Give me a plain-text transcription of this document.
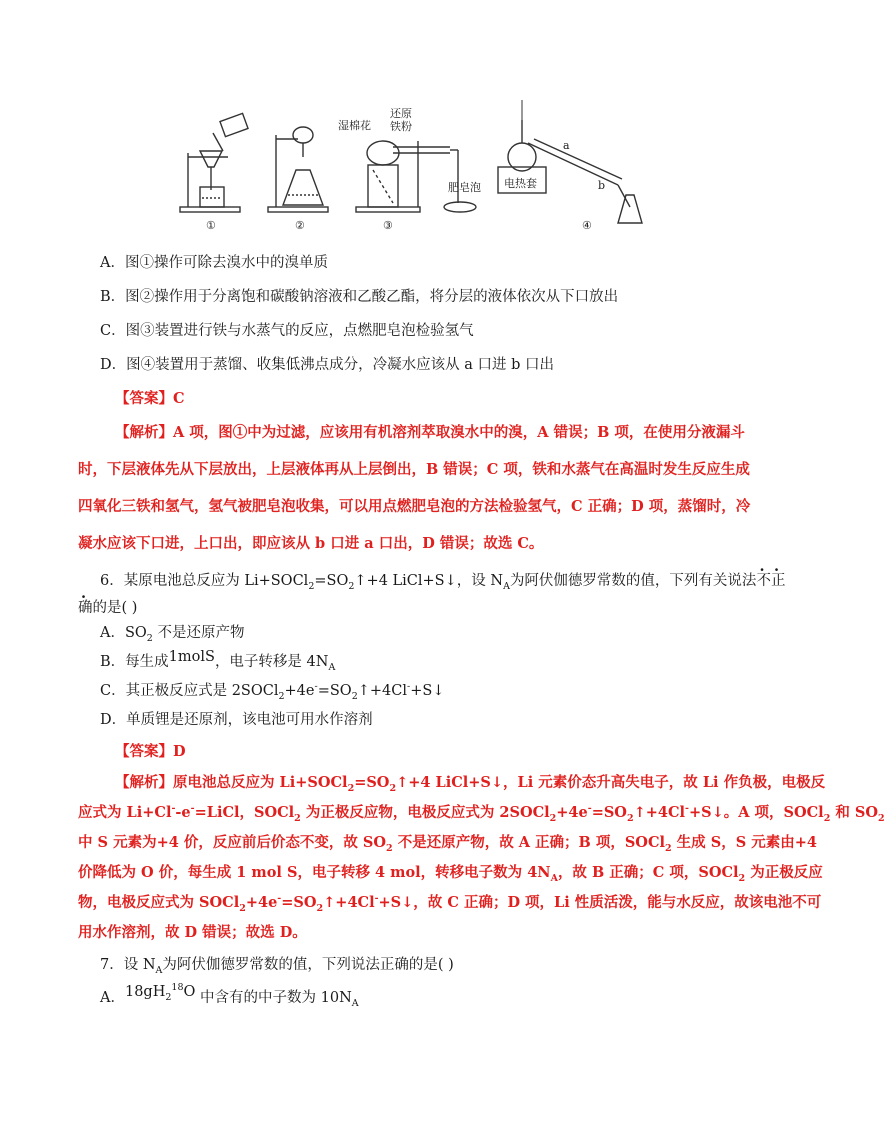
①	②	③	④
湿棉花
还原
铁粉
肥皂泡 电热套
a
b
A．图①操作可除去溴水中的溴单质
B．图②操作用于分离饱和碳酸钠溶液和乙酸乙酯，将分层的液体依次从下口放出
C．图③装置进行铁与水蒸气的反应，点燃肥皂泡检验氢气
D．图④装置用于蒸馏、收集低沸点成分，冷凝水应该从 a 口进 b 口出
【答案】C
【解析】A 项，图①中为过滤，应该用有机溶剂萃取溴水中的溴，A 错误；B 项，在使用分液漏斗
时，下层液体先从下层放出，上层液体再从上层倒出，B 错误；C 项，铁和水蒸气在高温时发生反应生成
四氧化三铁和氢气，氢气被肥皂泡收集，可以用点燃肥皂泡的方法检验氢气，C 正确；D 项，蒸馏时，冷
凝水应该下口进，上口出，即应该从 b 口进 a 口出，D 错误；故选 C。
6．某原电池总反应为 $Li+SOCl_2=SO_2↑+4$ LiCl+S↓，设 $N_A$为阿伏伽德罗常数的值，下列有关说法不正
确的是( )
A．$SO_2$ 不是还原产物
B．每生成1molS，电子转移是 $4N_A$
C．其正极反应式是 $2SOCl_2+4e^-=SO_2↑+4Cl^-+S↓$
D．单质锂是还原剂，该电池可用水作溶剂
【答案】D
【解析】原电池总反应为 $Li+SOCl_2=SO_2↑+4$ LiCl+S↓，Li 元素价态升高失电子，故 Li 作负极，电极反
应式为 Li+Cl--e-=LiCl，SOCl$_2$ 为正极反应物，电极反应式为 $2SOCl_2+4e^-=SO_2↑+4Cl^-+S↓$。A 项，SOCl$_2$ 和 $SO_2$
中 S 元素为+4 价，反应前后价态不变，故 $SO_2$ 不是还原产物，故 A 正确；B 项，SOCl$_2$ 生成 S，S 元素由+4
价降低为 O 价，每生成 1 mol S，电子转移 4 mol，转移电子数为 $4N_A$，故 B 正确；C 项，SOCl$_2$ 为正极反应
物，电极反应式为 $SOCl_2+4e^-=SO_2↑+4Cl^-+S↓$，故 C 正确；D 项，Li 性质活泼，能与水反应，故该电池不可
用水作溶剂，故 D 错误；故选 D。
7．设 $N_A$为阿伏伽德罗常数的值，下列说法正确的是( )
A．$18gH_2^{18}O$ 中含有的中子数为 $10N_A$
